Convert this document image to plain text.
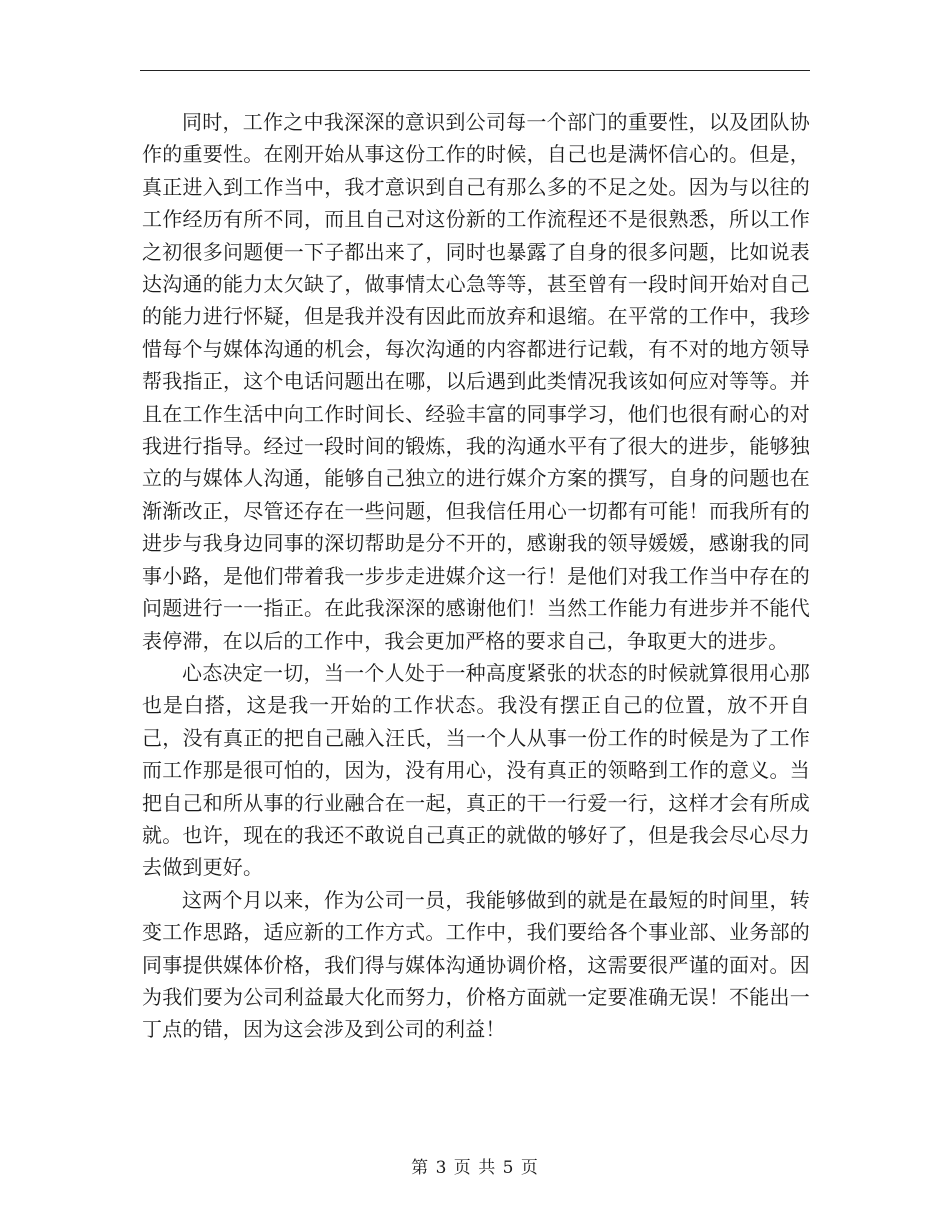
同时，工作之中我深深的意识到公司每一个部门的重要性，以及团队协作的重要性。在刚开始从事这份工作的时候，自己也是满怀信心的。但是，真正进入到工作当中，我才意识到自己有那么多的不足之处。因为与以往的工作经历有所不同，而且自己对这份新的工作流程还不是很熟悉，所以工作之初很多问题便一下子都出来了，同时也暴露了自身的很多问题，比如说表达沟通的能力太欠缺了，做事情太心急等等，甚至曾有一段时间开始对自己的能力进行怀疑，但是我并没有因此而放弃和退缩。在平常的工作中，我珍惜每个与媒体沟通的机会，每次沟通的内容都进行记载，有不对的地方领导帮我指正，这个电话问题出在哪，以后遇到此类情况我该如何应对等等。并且在工作生活中向工作时间长、经验丰富的同事学习，他们也很有耐心的对我进行指导。经过一段时间的锻炼，我的沟通水平有了很大的进步，能够独立的与媒体人沟通，能够自己独立的进行媒介方案的撰写，自身的问题也在渐渐改正，尽管还存在一些问题，但我信任用心一切都有可能！而我所有的进步与我身边同事的深切帮助是分不开的，感谢我的领导媛媛，感谢我的同事小路，是他们带着我一步步走进媒介这一行！是他们对我工作当中存在的问题进行一一指正。在此我深深的感谢他们！当然工作能力有进步并不能代表停滞，在以后的工作中，我会更加严格的要求自己，争取更大的进步。

心态决定一切，当一个人处于一种高度紧张的状态的时候就算很用心那也是白搭，这是我一开始的工作状态。我没有摆正自己的位置，放不开自己，没有真正的把自己融入汪氏，当一个人从事一份工作的时候是为了工作而工作那是很可怕的，因为，没有用心，没有真正的领略到工作的意义。当把自己和所从事的行业融合在一起，真正的干一行爱一行，这样才会有所成就。也许，现在的我还不敢说自己真正的就做的够好了，但是我会尽心尽力去做到更好。

这两个月以来，作为公司一员，我能够做到的就是在最短的时间里，转变工作思路，适应新的工作方式。工作中，我们要给各个事业部、业务部的同事提供媒体价格，我们得与媒体沟通协调价格，这需要很严谨的面对。因为我们要为公司利益最大化而努力，价格方面就一定要准确无误！不能出一丁点的错，因为这会涉及到公司的利益！

第 3 页 共 5 页
